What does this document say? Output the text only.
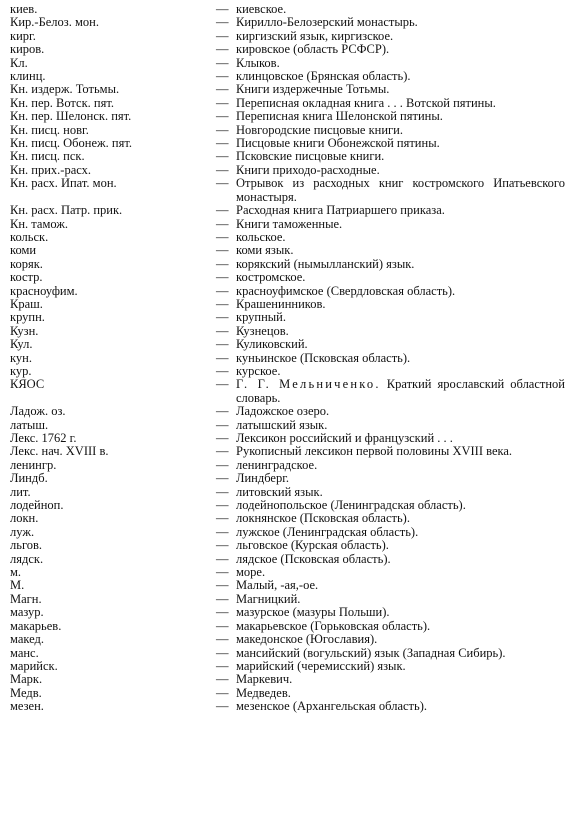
киев.	— киевское.
Кир.-Белоз. мон.	— Кирилло-Белозерский монастырь.
кирг.	— киргизский язык, киргизское.
киров.	— кировское (область РСФСР).
Кл.	— Клыков.
клинц.	— клинцовское (Брянская область).
Кн. издерж. Тотьмы.	— Книги издержечные Тотьмы.
Кн. пер. Вотск. пят.	— Переписная окладная книга . . . Вотской пятины.
Кн. пер. Шелонск. пят.	— Переписная книга Шелонской пятины.
Кн. писц. новг.	— Новгородские писцовые книги.
Кн. писц. Обонеж. пят.	— Писцовые книги Обонежской пятины.
Кн. писц. пск.	— Псковские писцовые книги.
Кн. прих.-расх.	— Книги приходо-расходные.
Кн. расх. Ипат. мон.	— Отрывок из расходных книг костромского Ипатьевского монастыря.
Кн. расх. Патр. прик.	— Расходная книга Патриаршего приказа.
Кн. тамож.	— Книги таможенные.
кольск.	— кольское.
коми	— коми язык.
коряк.	— корякский (нымылланский) язык.
костр.	— костромское.
красноуфим.	— красноуфимское (Свердловская область).
Краш.	— Крашенинников.
крупн.	— крупный.
Кузн.	— Кузнецов.
Кул.	— Куликовский.
кун.	— куньинское (Псковская область).
кур.	— курское.
КЯОС	— Г. Г. Мельниченко. Краткий ярославский областной словарь.
Ладож. оз.	— Ладожское озеро.
латыш.	— латышский язык.
Лекс. 1762 г.	— Лексикон российский и французский . . .
Лекс. нач. XVIII в.	— Рукописный лексикон первой половины XVIII века.
ленингр.	— ленинградское.
Линдб.	— Линдберг.
лит.	— литовский язык.
лодейноп.	— лодейнопольское (Ленинградская область).
локн.	— локнянское (Псковская область).
луж.	— лужское (Ленинградская область).
льгов.	— льговское (Курская область).
лядск.	— лядское (Псковская область).
м.	— море.
М.	— Малый, -ая,-ое.
Магн.	— Магницкий.
мазур.	— мазурское (мазуры Польши).
макарьев.	— макарьевское (Горьковская область).
макед.	— македонское (Югославия).
манс.	— мансийский (вогульский) язык (Западная Сибирь).
марийск.	— марийский (черемисский) язык.
Марк.	— Маркевич.
Медв.	— Медведев.
мезен.	— мезенское (Архангельская область).
